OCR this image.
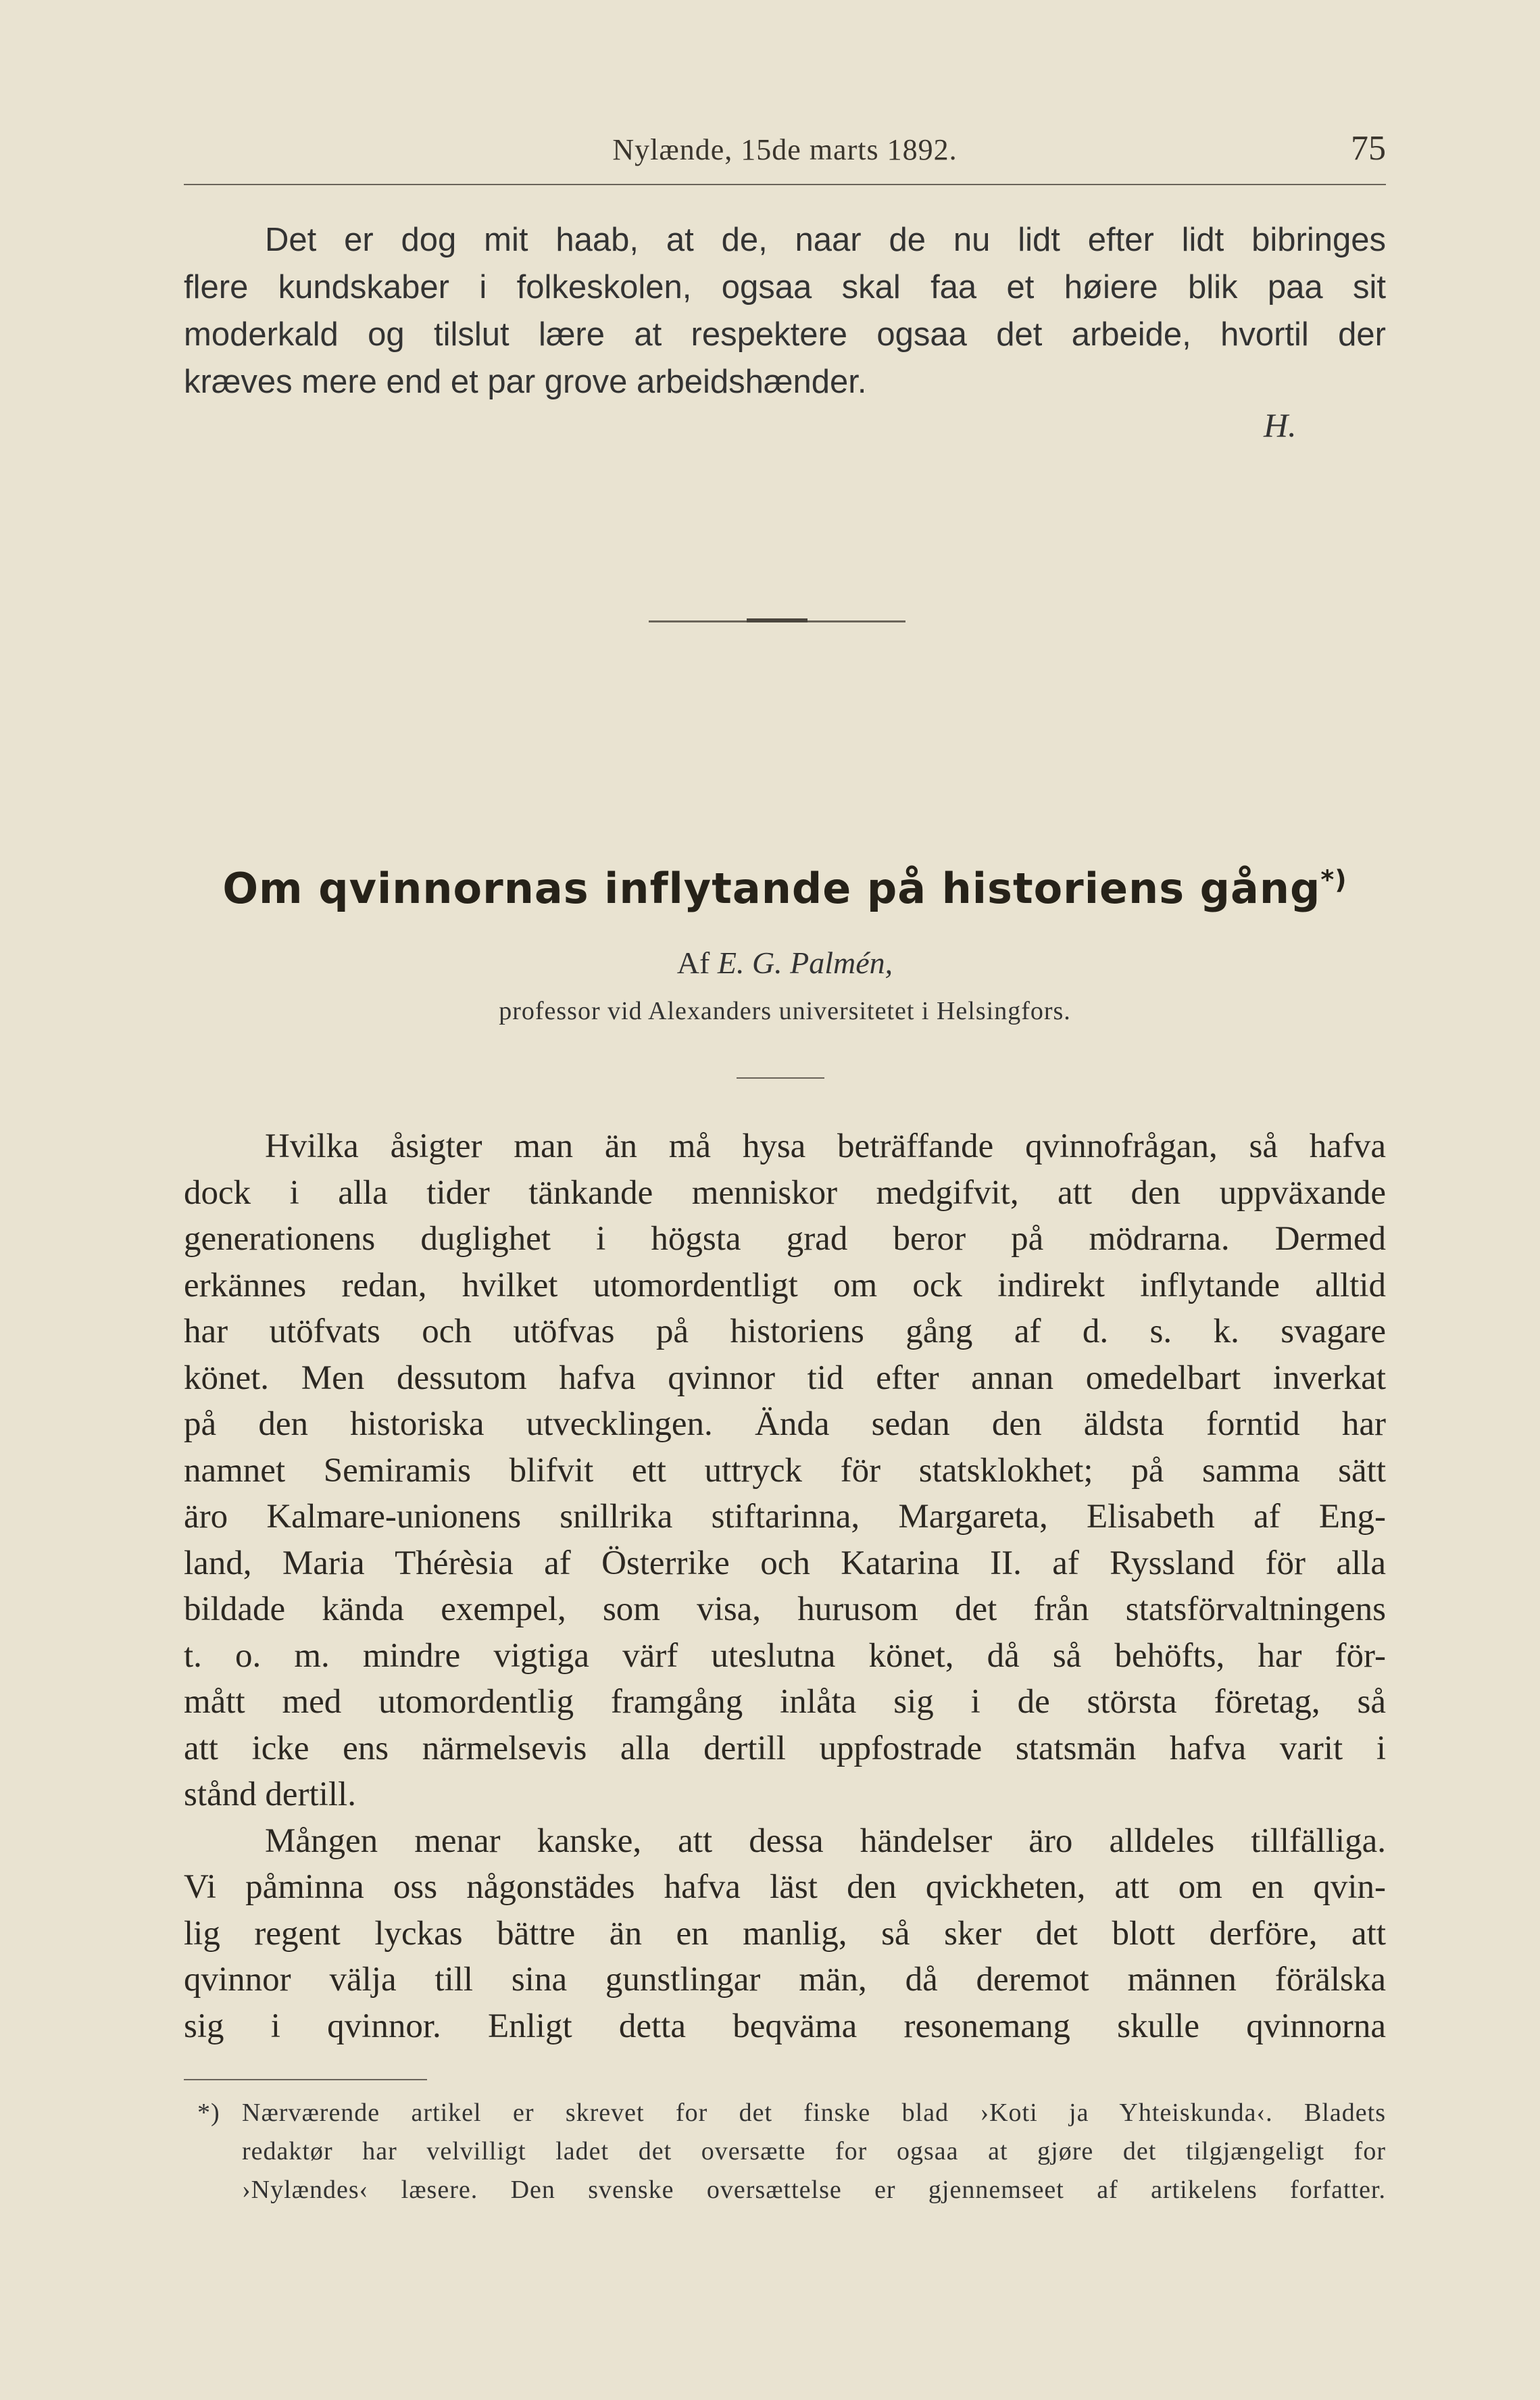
Nylænde, 15de marts 1892.	75
Det er dog mit haab, at de, naar de nu lidt efter lidt bibringes
flere kundskaber i folkeskolen, ogsaa skal faa et høiere blik paa sit
moderkald og tilslut lære at respektere ogsaa det arbeide, hvortil der
kræves mere end et par grove arbeidshænder.
H.
Om qvinnornas inflytande på historiens gång*)
Af E. G. Palmén,
professor vid Alexanders universitetet i Helsingfors.
Hvilka åsigter man än må hysa beträffande qvinnofrågan, så hafva
dock i alla tider tänkande menniskor medgifvit, att den uppväxande
generationens duglighet i högsta grad beror på mödrarna. Dermed
erkännes redan, hvilket utomordentligt om ock indirekt inflytande alltid
har utöfvats och utöfvas på historiens gång af d. s. k. svagare
könet. Men dessutom hafva qvinnor tid efter annan omedelbart inverkat
på den historiska utvecklingen. Ända sedan den äldsta forntid har
namnet Semiramis blifvit ett uttryck för statsklokhet; på samma sätt
äro Kalmare-unionens snillrika stiftarinna, Margareta, Elisabeth af Eng-
land, Maria Thérèsia af Österrike och Katarina II. af Ryssland för alla
bildade kända exempel, som visa, hurusom det från statsförvaltningens
t. o. m. mindre vigtiga värf uteslutna könet, då så behöfts, har för-
mått med utomordentlig framgång inlåta sig i de största företag, så
att icke ens närmelsevis alla dertill uppfostrade statsmän hafva varit i
stånd dertill.
Mången menar kanske, att dessa händelser äro alldeles tillfälliga.
Vi påminna oss någonstädes hafva läst den qvickheten, att om en qvin-
lig regent lyckas bättre än en manlig, så sker det blott derföre, att
qvinnor välja till sina gunstlingar män, då deremot männen förälska
sig i qvinnor. Enligt detta beqväma resonemang skulle qvinnorna
*) Nærværende artikel er skrevet for det finske blad ›Koti ja Yhteiskunda‹. Bladets
redaktør har velvilligt ladet det oversætte for ogsaa at gjøre det tilgjængeligt for
›Nylændes‹ læsere. Den svenske oversættelse er gjennemseet af artikelens forfatter.
